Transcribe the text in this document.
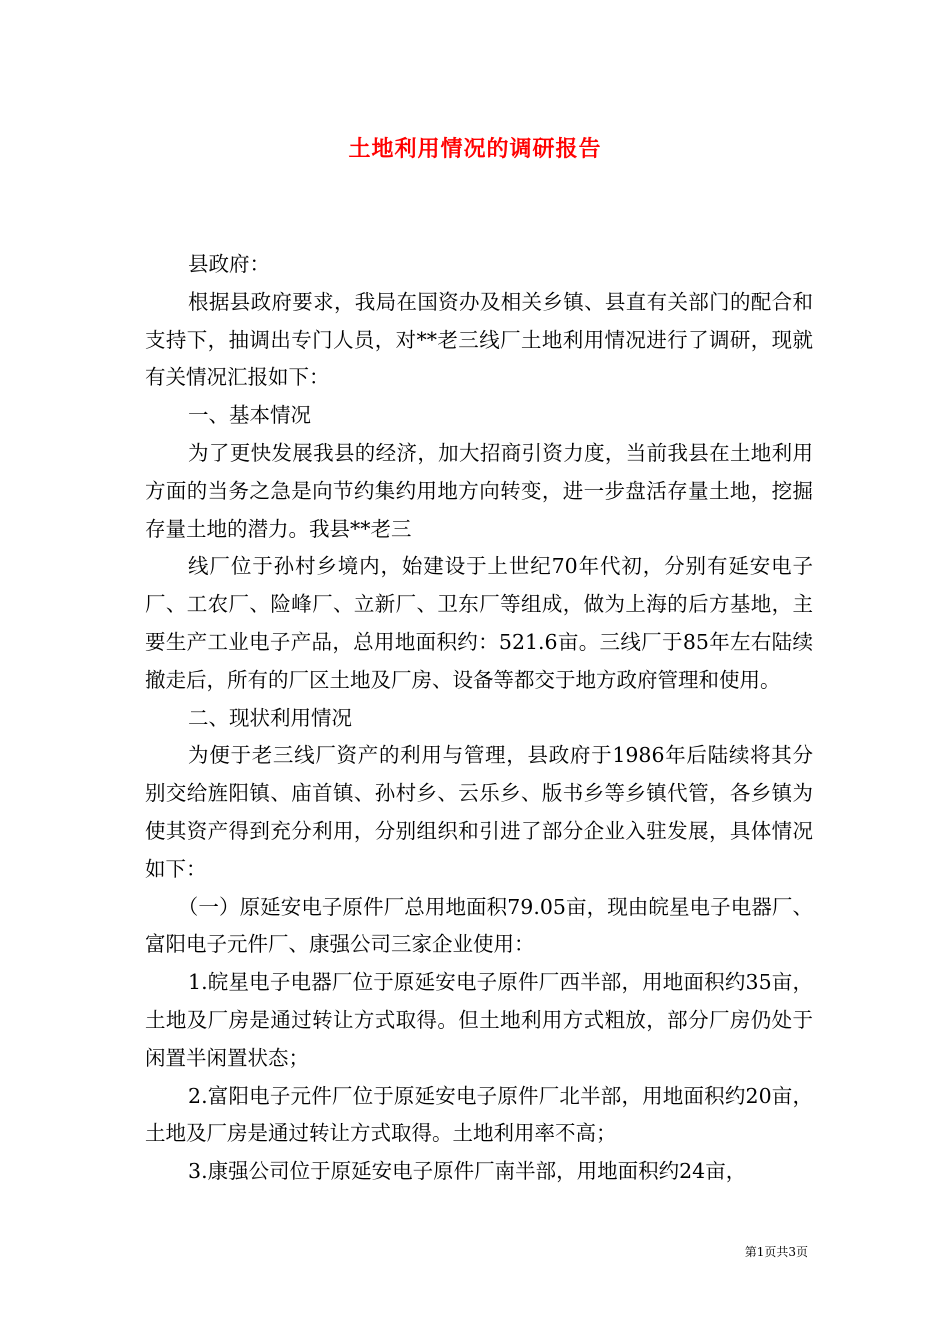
土地利用情况的调研报告

县政府：

根据县政府要求，我局在国资办及相关乡镇、县直有关部门的配合和支持下，抽调出专门人员，对**老三线厂土地利用情况进行了调研，现就有关情况汇报如下：

一、基本情况

为了更快发展我县的经济，加大招商引资力度，当前我县在土地利用方面的当务之急是向节约集约用地方向转变，进一步盘活存量土地，挖掘存量土地的潜力。我县**老三

线厂位于孙村乡境内，始建设于上世纪70年代初，分别有延安电子厂、工农厂、险峰厂、立新厂、卫东厂等组成，做为上海的后方基地，主要生产工业电子产品，总用地面积约：521.6亩。三线厂于85年左右陆续撤走后，所有的厂区土地及厂房、设备等都交于地方政府管理和使用。

二、现状利用情况

为便于老三线厂资产的利用与管理，县政府于1986年后陆续将其分别交给旌阳镇、庙首镇、孙村乡、云乐乡、版书乡等乡镇代管，各乡镇为使其资产得到充分利用，分别组织和引进了部分企业入驻发展，具体情况如下：

（一）原延安电子原件厂总用地面积79.05亩，现由皖星电子电器厂、富阳电子元件厂、康强公司三家企业使用：

1.皖星电子电器厂位于原延安电子原件厂西半部，用地面积约35亩，土地及厂房是通过转让方式取得。但土地利用方式粗放，部分厂房仍处于闲置半闲置状态；

2.富阳电子元件厂位于原延安电子原件厂北半部，用地面积约20亩，土地及厂房是通过转让方式取得。土地利用率不高；

3.康强公司位于原延安电子原件厂南半部，用地面积约24亩，

第1页共3页
